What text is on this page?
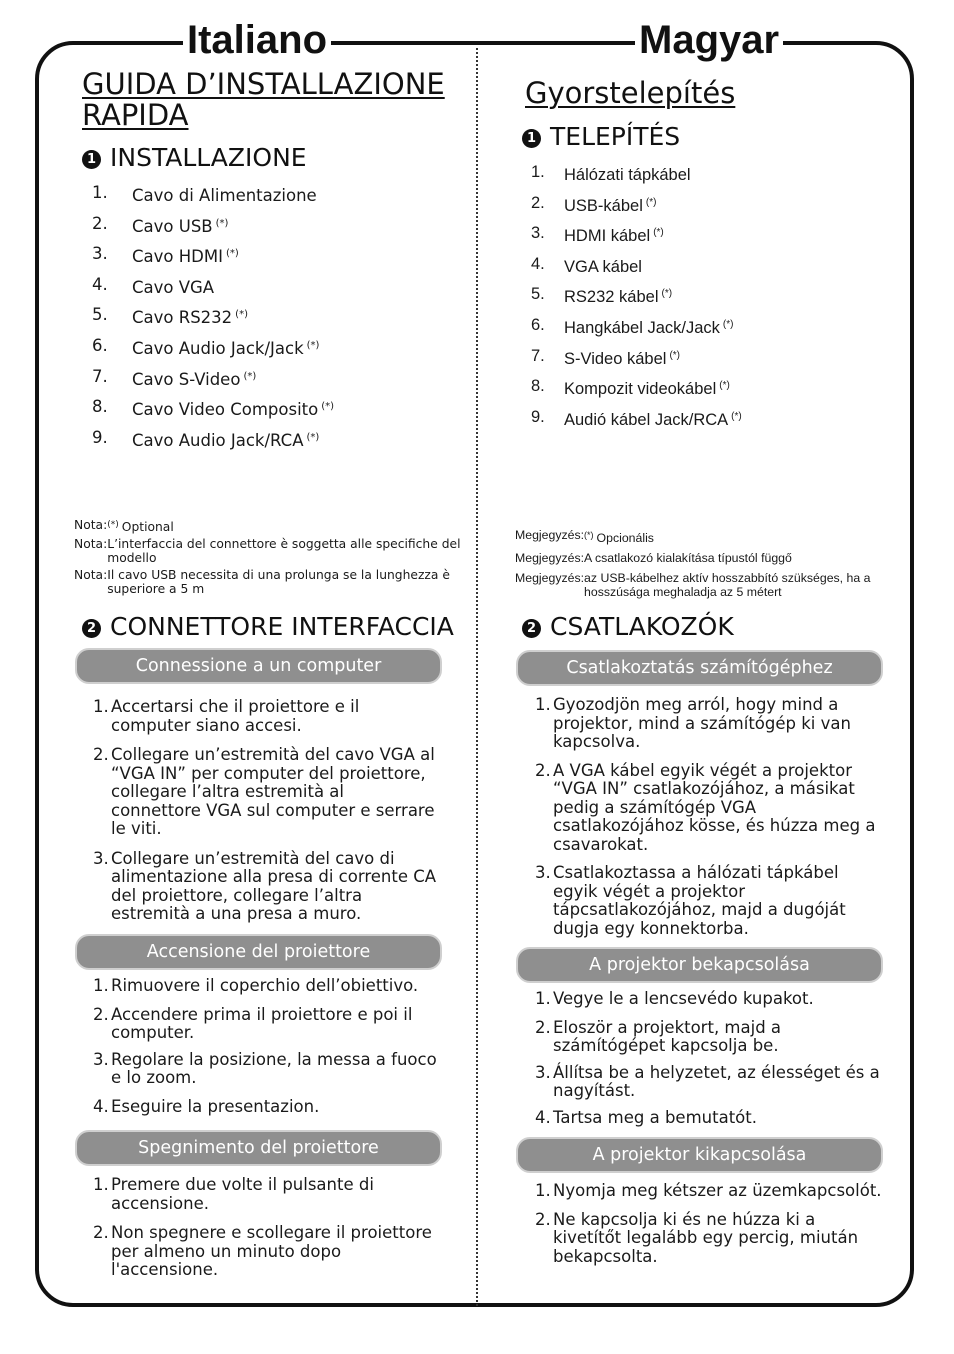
Italiano	Magyar
GUIDA D’INSTALLAZIONE RAPIDA
1 INSTALLAZIONE
1.	Cavo di Alimentazione
2.	Cavo USB (*)
3.	Cavo HDMI (*)
4.	Cavo VGA
5.	Cavo RS232 (*)
6.	Cavo Audio Jack/Jack (*)
7.	Cavo S-Video (*)
8.	Cavo Video Composito (*)
9.	Cavo Audio Jack/RCA (*)
Nota: (*) Optional
Nota: L’interfaccia del connettore è soggetta alle specifiche del modello
Nota: Il cavo USB necessita di una prolunga se la lunghezza è superiore a 5 m
2 CONNETTORE INTERFACCIA
Connessione a un computer
1. Accertarsi che il proiettore e il computer siano accesi.
2. Collegare un’estremità del cavo VGA al “VGA IN” per computer del proiettore, collegare l’altra estremità al connettore VGA sul computer e serrare le viti.
3. Collegare un’estremità del cavo di alimentazione alla presa di corrente CA del proiettore, collegare l’altra estremità a una presa a muro.
Accensione del proiettore
1. Rimuovere il coperchio dell’obiettivo.
2. Accendere prima il proiettore e poi il computer.
3. Regolare la posizione, la messa a fuoco e lo zoom.
4. Eseguire la presentazion.
Spegnimento del proiettore
1. Premere due volte il pulsante di accensione.
2. Non spegnere e scollegare il proiettore per almeno un minuto dopo l'accensione.
Gyorstelepítés
1 TELEPÍTÉS
1.	Hálózati tápkábel
2.	USB-kábel (*)
3.	HDMI kábel (*)
4.	VGA kábel
5.	RS232 kábel (*)
6.	Hangkábel Jack/Jack (*)
7.	S-Video kábel (*)
8.	Kompozit videokábel (*)
9.	Audió kábel Jack/RCA (*)
Megjegyzés: (*) Opcionális
Megjegyzés: A csatlakozó kialakítása típustól függő
Megjegyzés: az USB-kábelhez aktív hosszabbító szükséges, ha a hosszúsága meghaladja az 5 métert
2 CSATLAKOZÓK
Csatlakoztatás számítógéphez
1. Gyozodjön meg arról, hogy mind a projektor, mind a számítógép ki van kapcsolva.
2. A VGA kábel egyik végét a projektor “VGA IN” csatlakozójához, a másikat pedig a számítógép VGA csatlakozójához kösse, és húzza meg a csavarokat.
3. Csatlakoztassa a hálózati tápkábel egyik végét a projektor tápcsatlakozójához, majd a dugóját dugja egy konnektorba.
A projektor bekapcsolása
1. Vegye le a lencsevédo kupakot.
2. Eloször a projektort, majd a számítógépet kapcsolja be.
3. Állítsa be a helyzetet, az élességet és a nagyítást.
4. Tartsa meg a bemutatót.
A projektor kikapcsolása
1. Nyomja meg kétszer az üzemkapcsolót.
2. Ne kapcsolja ki és ne húzza ki a kivetítőt legalább egy percig, miután bekapcsolta.
